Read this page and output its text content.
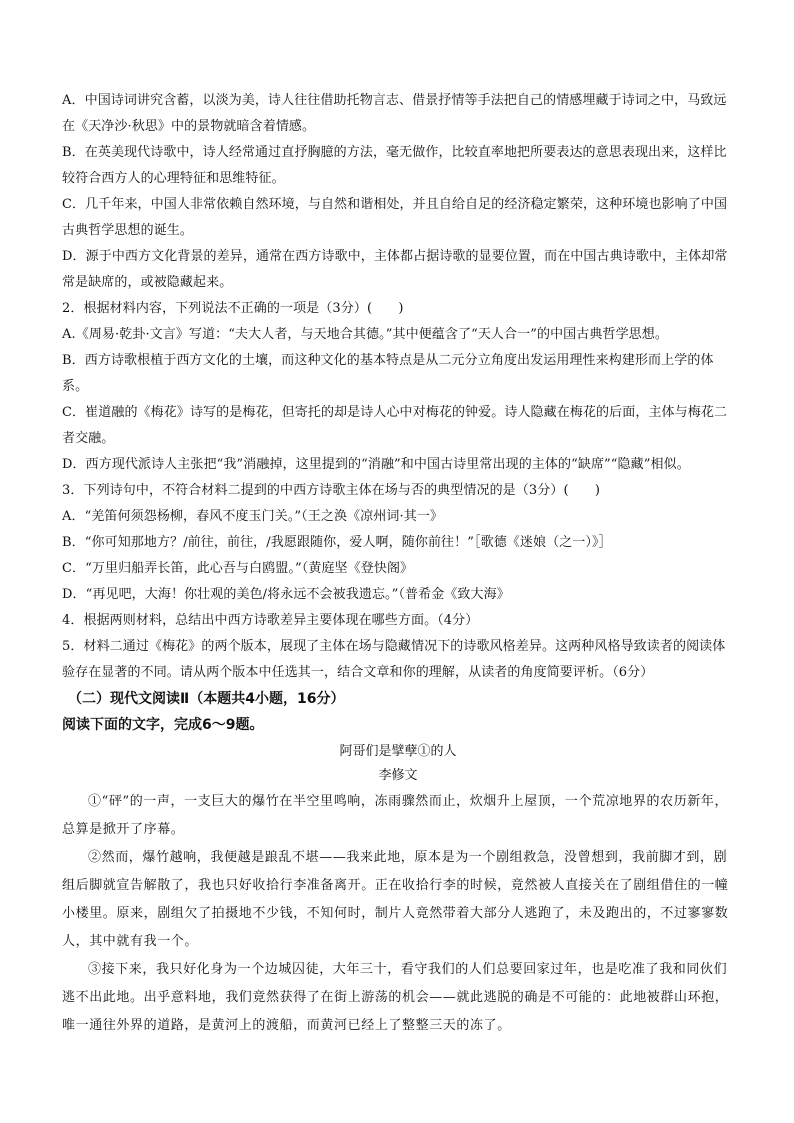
A．中国诗词讲究含蓄，以淡为美，诗人往往借助托物言志、借景抒情等手法把自己的情感埋藏于诗词之中，马致远在《天净沙·秋思》中的景物就暗含着情感。

B．在英美现代诗歌中，诗人经常通过直抒胸臆的方法，毫无做作，比较直率地把所要表达的意思表现出来，这样比较符合西方人的心理特征和思维特征。

C．几千年来，中国人非常依赖自然环境，与自然和谐相处，并且自给自足的经济稳定繁荣，这种环境也影响了中国古典哲学思想的诞生。

D．源于中西方文化背景的差异，通常在西方诗歌中，主体都占据诗歌的显要位置，而在中国古典诗歌中，主体却常常是缺席的，或被隐藏起来。

2．根据材料内容，下列说法不正确的一项是（3分）(　　)

A.《周易·乾卦·文言》写道：“夫大人者，与天地合其德。”其中便蕴含了“天人合一”的中国古典哲学思想。

B．西方诗歌根植于西方文化的土壤，而这种文化的基本特点是从二元分立角度出发运用理性来构建形而上学的体系。

C．崔道融的《梅花》诗写的是梅花，但寄托的却是诗人心中对梅花的钟爱。诗人隐藏在梅花的后面，主体与梅花二者交融。

D．西方现代派诗人主张把“我”消融掉，这里提到的“消融”和中国古诗里常出现的主体的“缺席”“隐藏”相似。

3．下列诗句中，不符合材料二提到的中西方诗歌主体在场与否的典型情况的是（3分）(　　)

A．“羌笛何须怨杨柳，春风不度玉门关。”（王之涣《凉州词·其一》

B．“你可知那地方？/前往，前往，/我愿跟随你，爱人啊，随你前往！”［歌德《迷娘（之一）》］

C．“万里归船弄长笛，此心吾与白鸥盟。”（黄庭坚《登快阁》

D．“再见吧，大海！你壮观的美色/将永远不会被我遗忘。”（普希金《致大海》

4．根据两则材料，总结出中西方诗歌差异主要体现在哪些方面。（4分）

5．材料二通过《梅花》的两个版本，展现了主体在场与隐藏情况下的诗歌风格差异。这两种风格导致读者的阅读体验存在显著的不同。请从两个版本中任选其一，结合文章和你的理解，从读者的角度简要评析。（6分）

（二）现代文阅读Ⅱ（本题共4小题，16分）

阅读下面的文字，完成6～9题。

阿哥们是擘孽①的人

李修文

①“砰”的一声，一支巨大的爆竹在半空里鸣响，冻雨骤然而止，炊烟升上屋顶，一个荒凉地界的农历新年，总算是掀开了序幕。

②然而，爆竹越响，我便越是踉乱不堪——我来此地，原本是为一个剧组救急，没曾想到，我前脚才到，剧组后脚就宣告解散了，我也只好收拾行李准备离开。正在收拾行李的时候，竟然被人直接关在了剧组借住的一幢小楼里。原来，剧组欠了拍摄地不少钱，不知何时，制片人竟然带着大部分人逃跑了，未及跑出的，不过寥寥数人，其中就有我一个。

③接下来，我只好化身为一个边城囚徒，大年三十，看守我们的人们总要回家过年，也是吃准了我和同伙们逃不出此地。出乎意料地，我们竟然获得了在街上游荡的机会——就此逃脱的确是不可能的：此地被群山环抱，唯一通往外界的道路，是黄河上的渡船，而黄河已经上了整整三天的冻了。
